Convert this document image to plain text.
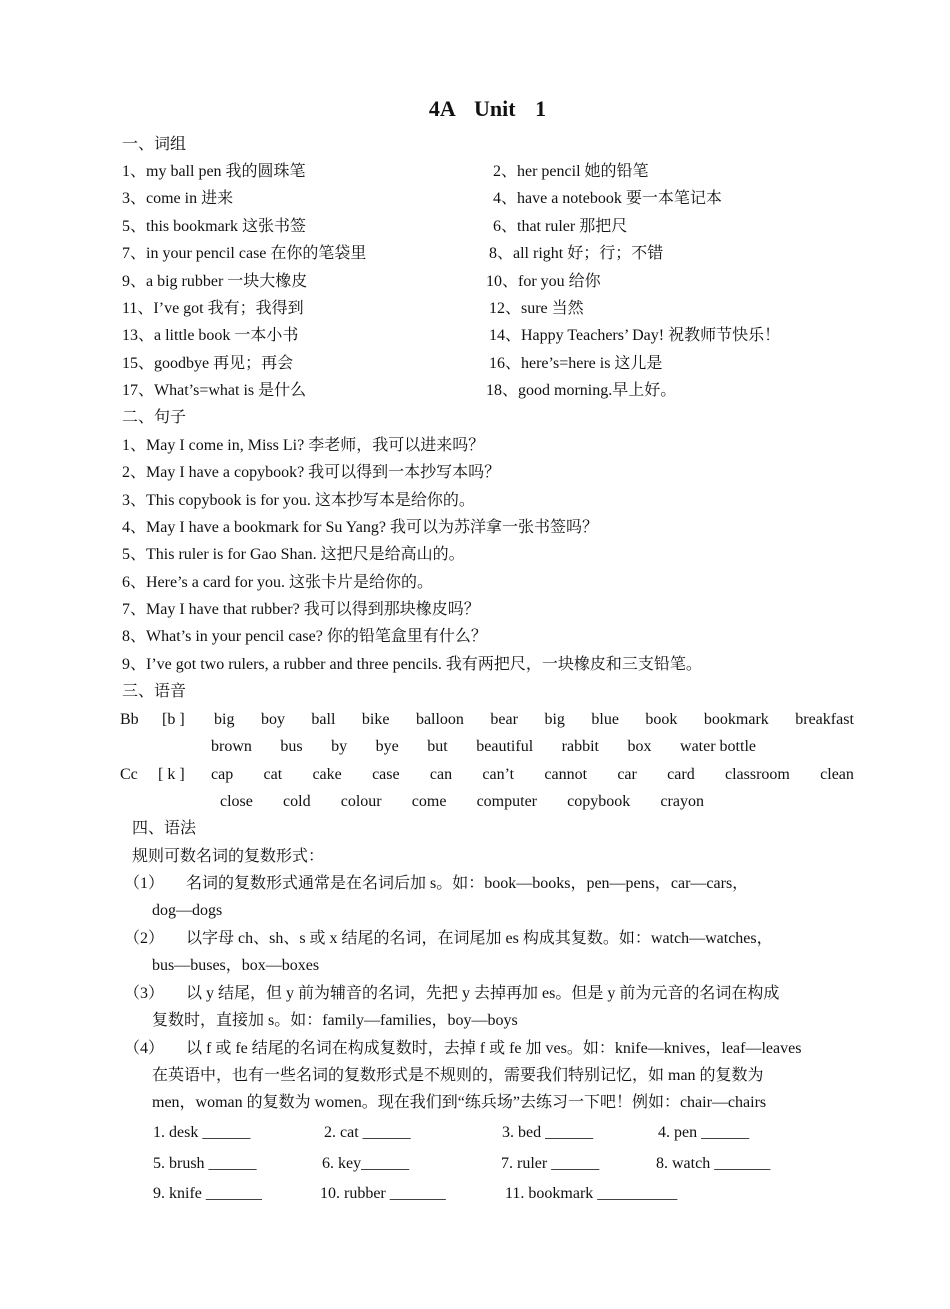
4A Unit 1
一、词组
1、my ball pen 我的圆珠笔	2、her pencil 她的铅笔
3、come in 进来	4、have a notebook 要一本笔记本
5、this bookmark 这张书签	6、that ruler 那把尺
7、in your pencil case 在你的笔袋里	8、all right 好；行；不错
9、a big rubber 一块大橡皮	10、for you 给你
11、I’ve got 我有；我得到	12、sure 当然
13、a little book 一本小书	14、Happy Teachers’ Day! 祝教师节快乐！
15、goodbye 再见；再会	16、here’s=here is 这儿是
17、What’s=what is 是什么	18、good morning.早上好。
二、句子
1、May I come in, Miss Li? 李老师，我可以进来吗？
2、May I have a copybook? 我可以得到一本抄写本吗？
3、This copybook is for you. 这本抄写本是给你的。
4、May I have a bookmark for Su Yang? 我可以为苏洋拿一张书签吗？
5、This ruler is for Gao Shan. 这把尺是给高山的。
6、Here’s a card for you. 这张卡片是给你的。
7、May I have that rubber? 我可以得到那块橡皮吗？
8、What’s in your pencil case? 你的铅笔盒里有什么？
9、I’ve got two rulers, a rubber and three pencils. 我有两把尺，一块橡皮和三支铅笔。
三、语音
Bb [b ] big boy ball bike balloon bear big blue book bookmark breakfast
brown bus by bye but beautiful rabbit box water bottle
Cc [ k ] cap cat cake case can can’t cannot car card classroom clean
close cold colour come computer copybook crayon
四、语法
规则可数名词的复数形式：
（1） 名词的复数形式通常是在名词后加 s。如：book—books，pen—pens，car—cars，
dog—dogs
（2） 以字母 ch、sh、s 或 x 结尾的名词，在词尾加 es 构成其复数。如：watch—watches，
bus—buses，box—boxes
（3） 以 y 结尾，但 y 前为辅音的名词，先把 y 去掉再加 es。但是 y 前为元音的名词在构成
复数时，直接加 s。如：family—families，boy—boys
（4） 以 f 或 fe 结尾的名词在构成复数时，去掉 f 或 fe 加 ves。如：knife—knives，leaf—leaves
在英语中，也有一些名词的复数形式是不规则的，需要我们特别记忆，如 man 的复数为
men，woman 的复数为 women。现在我们到“练兵场”去练习一下吧！例如：chair—chairs
1. desk ______	2. cat ______	3. bed ______	4. pen ______
5. brush ______	6. key______	7. ruler ______	8. watch _______
9. knife _______	10. rubber _______	11. bookmark __________
